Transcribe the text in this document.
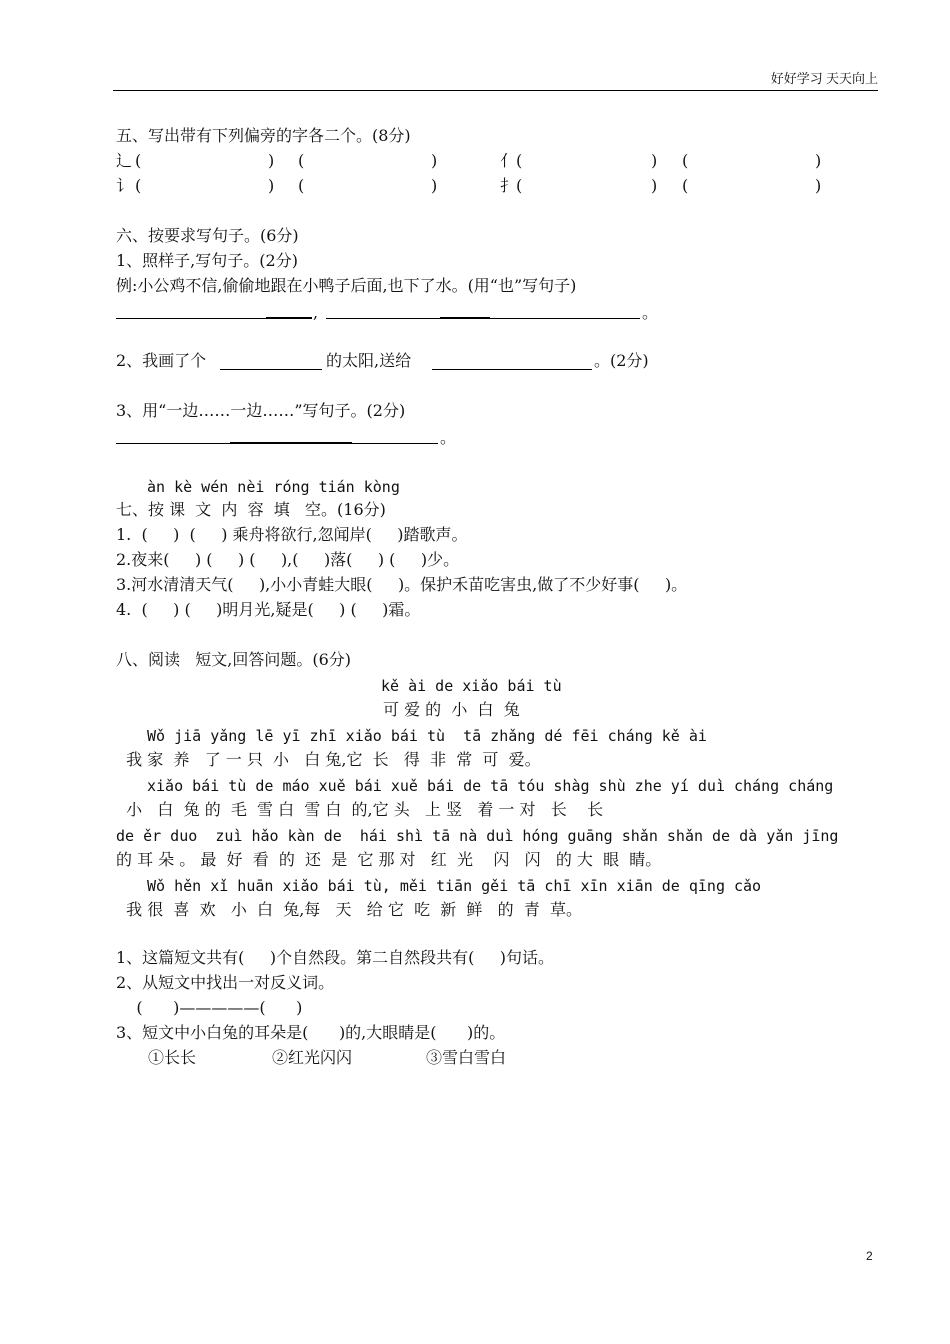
好好学习 天天向上
五、写出带有下列偏旁的字各二个。(8分)
辶 (	) (	)	亻 (	) (	)
讠 (	) (	)	扌 (	) (	)
六、按要求写句子。(6分)
1、照样子,写句子。(2分)
例:小公鸡不信,偷偷地跟在小鸭子后面,也下了水。(用“也”写句子)
,	。
2、我画了个	的太阳,送给	。(2分)
3、用“一边……一边……”写句子。(2分)
。
àn kè wén nèi róng tián kòng
七、按 课  文  内  容  填   空。(16分)
1.  (     )  (     ) 乘舟将欲行,忽闻岸(     )踏歌声。
2.夜来(     ) (     ) (     ),(     )落(     ) (     )少。
3.河水清清天气(     ),小小青蛙大眼(     )。保护禾苗吃害虫,做了不少好事(     )。
4.  (     ) (     )明月光,疑是(     ) (     )霜。
八、阅读   短文,回答问题。(6分)
kě ài de xiǎo bái tù
可 爱 的  小  白  兔
Wǒ jiā yǎng lē yī zhī xiǎo bái tù  tā zhǎng dé fēi cháng kě ài
我 家  养   了 一 只  小   白 兔,它  长   得  非  常  可  爱。
xiǎo bái tù de máo xuě bái xuě bái de tā tóu shàg shù zhe yí duì cháng cháng
小   白  兔 的  毛  雪 白  雪 白  的,它 头   上 竖   着 一 对   长    长
de ěr duo  zuì hǎo kàn de  hái shì tā nà duì hóng guāng shǎn shǎn de dà yǎn jīng
的 耳 朵 。 最  好  看  的  还  是  它 那 对   红  光    闪   闪   的 大  眼  睛。
Wǒ hěn xǐ huān xiǎo bái tù, měi tiān gěi tā chī xīn xiān de qīng cǎo
我 很  喜  欢   小  白  兔,每   天   给 它  吃  新  鲜   的  青  草。
1、这篇短文共有(     )个自然段。第二自然段共有(     )句话。
2、从短文中找出一对反义词。
(      )—————(      )
3、短文中小白兔的耳朵是(      )的,大眼睛是(      )的。
①长长	②红光闪闪	③雪白雪白
2
